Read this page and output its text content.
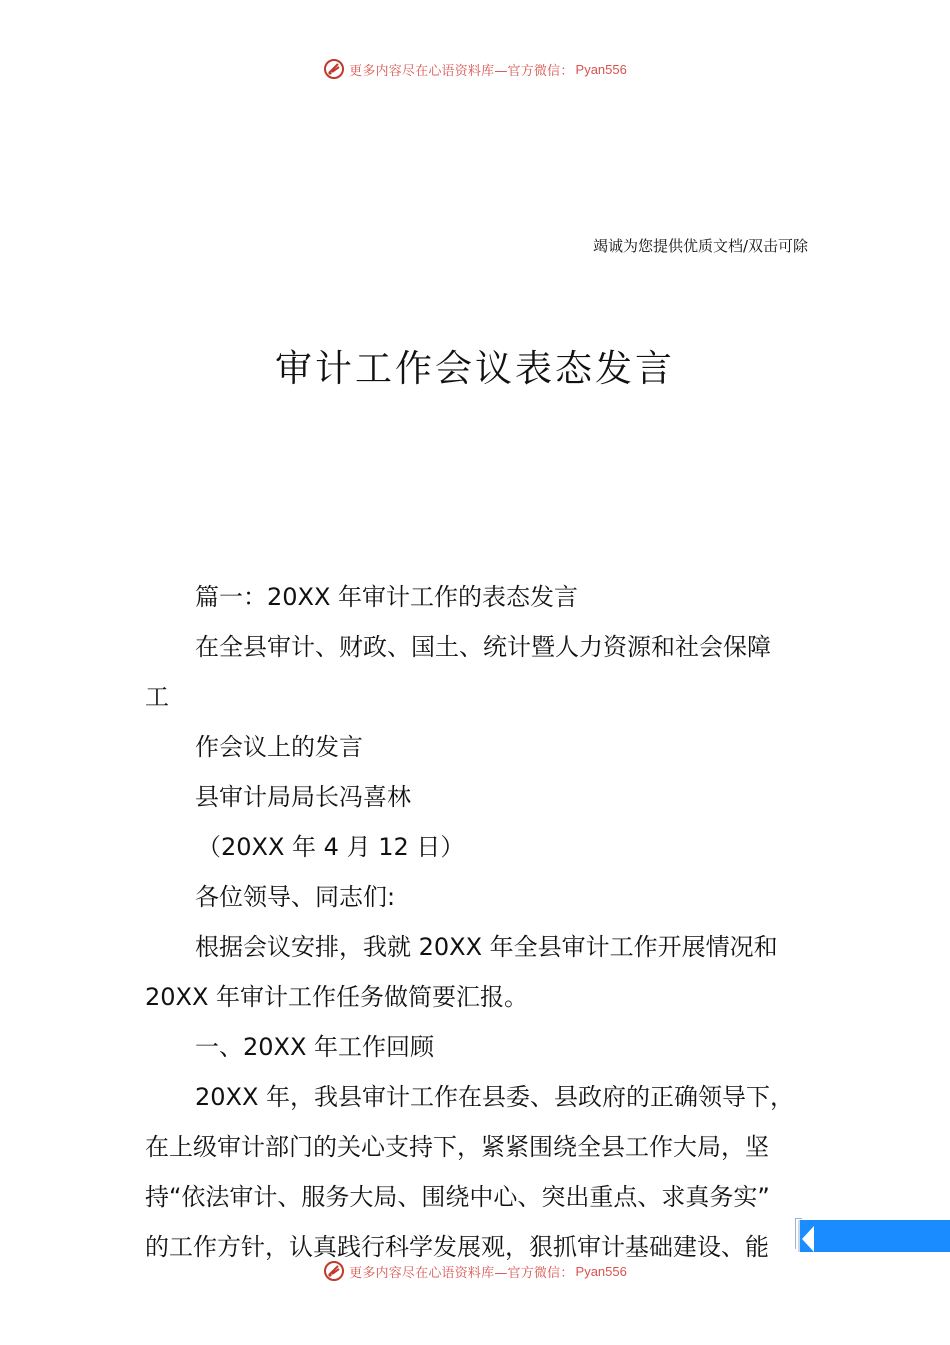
更多内容尽在心语资料库—官方微信： Pyan556
竭诚为您提供优质文档/双击可除
审计工作会议表态发言

篇一：20XX 年审计工作的表态发言

在全县审计、财政、国土、统计暨人力资源和社会保障

工

作会议上的发言

县审计局局长冯喜林

（20XX 年 4 月 12 日）

各位领导、同志们:

根据会议安排，我就 20XX 年全县审计工作开展情况和

20XX 年审计工作任务做简要汇报。

一、20XX 年工作回顾

20XX 年，我县审计工作在县委、县政府的正确领导下，

在上级审计部门的关心支持下，紧紧围绕全县工作大局，坚

持“依法审计、服务大局、围绕中心、突出重点、求真务实”

的工作方针，认真践行科学发展观，狠抓审计基础建设、能

更多内容尽在心语资料库—官方微信： Pyan556
